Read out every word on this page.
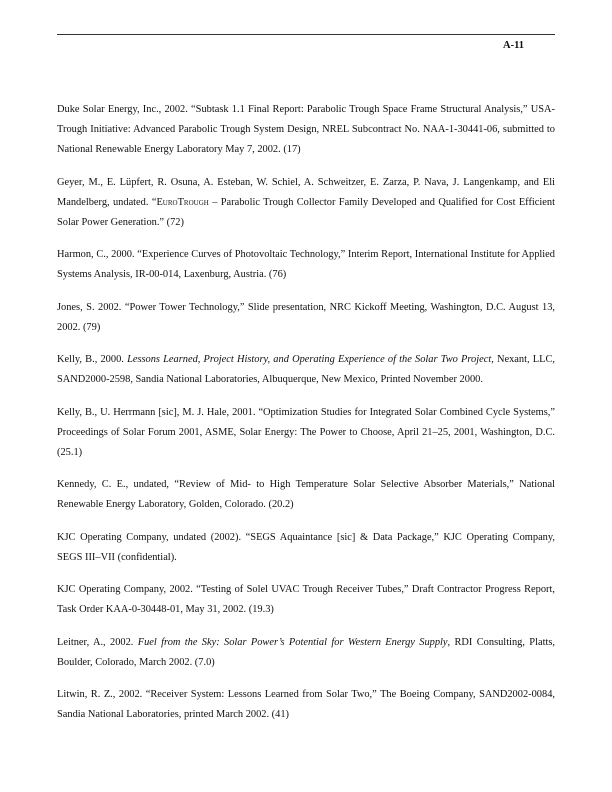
A-11

Duke Solar Energy, Inc., 2002. “Subtask 1.1 Final Report: Parabolic Trough Space Frame Structural Analysis,” USA-Trough Initiative: Advanced Parabolic Trough System Design, NREL Subcontract No. NAA-1-30441-06, submitted to National Renewable Energy Laboratory May 7, 2002. (17)

Geyer, M., E. Lüpfert, R. Osuna, A. Esteban, W. Schiel, A. Schweitzer, E. Zarza, P. Nava, J. Langenkamp, and Eli Mandelberg, undated. “EuroTrough – Parabolic Trough Collector Family Developed and Qualified for Cost Efficient Solar Power Generation.” (72)

Harmon, C., 2000. “Experience Curves of Photovoltaic Technology,” Interim Report, International Institute for Applied Systems Analysis, IR-00-014, Laxenburg, Austria. (76)

Jones, S. 2002. “Power Tower Technology,” Slide presentation, NRC Kickoff Meeting, Washington, D.C. August 13, 2002. (79)

Kelly, B., 2000. Lessons Learned, Project History, and Operating Experience of the Solar Two Project, Nexant, LLC, SAND2000-2598, Sandia National Laboratories, Albuquerque, New Mexico, Printed November 2000.

Kelly, B., U. Herrmann [sic], M. J. Hale, 2001. “Optimization Studies for Integrated Solar Combined Cycle Systems,” Proceedings of Solar Forum 2001, ASME, Solar Energy: The Power to Choose, April 21–25, 2001, Washington, D.C. (25.1)

Kennedy, C. E., undated, “Review of Mid- to High Temperature Solar Selective Absorber Materials,” National Renewable Energy Laboratory, Golden, Colorado. (20.2)

KJC Operating Company, undated (2002). “SEGS Aquaintance [sic] & Data Package,” KJC Operating Company, SEGS III–VII (confidential).

KJC Operating Company, 2002. “Testing of Solel UVAC Trough Receiver Tubes,” Draft Contractor Progress Report, Task Order KAA-0-30448-01, May 31, 2002. (19.3)

Leitner, A., 2002. Fuel from the Sky: Solar Power’s Potential for Western Energy Supply, RDI Consulting, Platts, Boulder, Colorado, March 2002. (7.0)

Litwin, R. Z., 2002. “Receiver System: Lessons Learned from Solar Two,” The Boeing Company, SAND2002-0084, Sandia National Laboratories, printed March 2002. (41)
